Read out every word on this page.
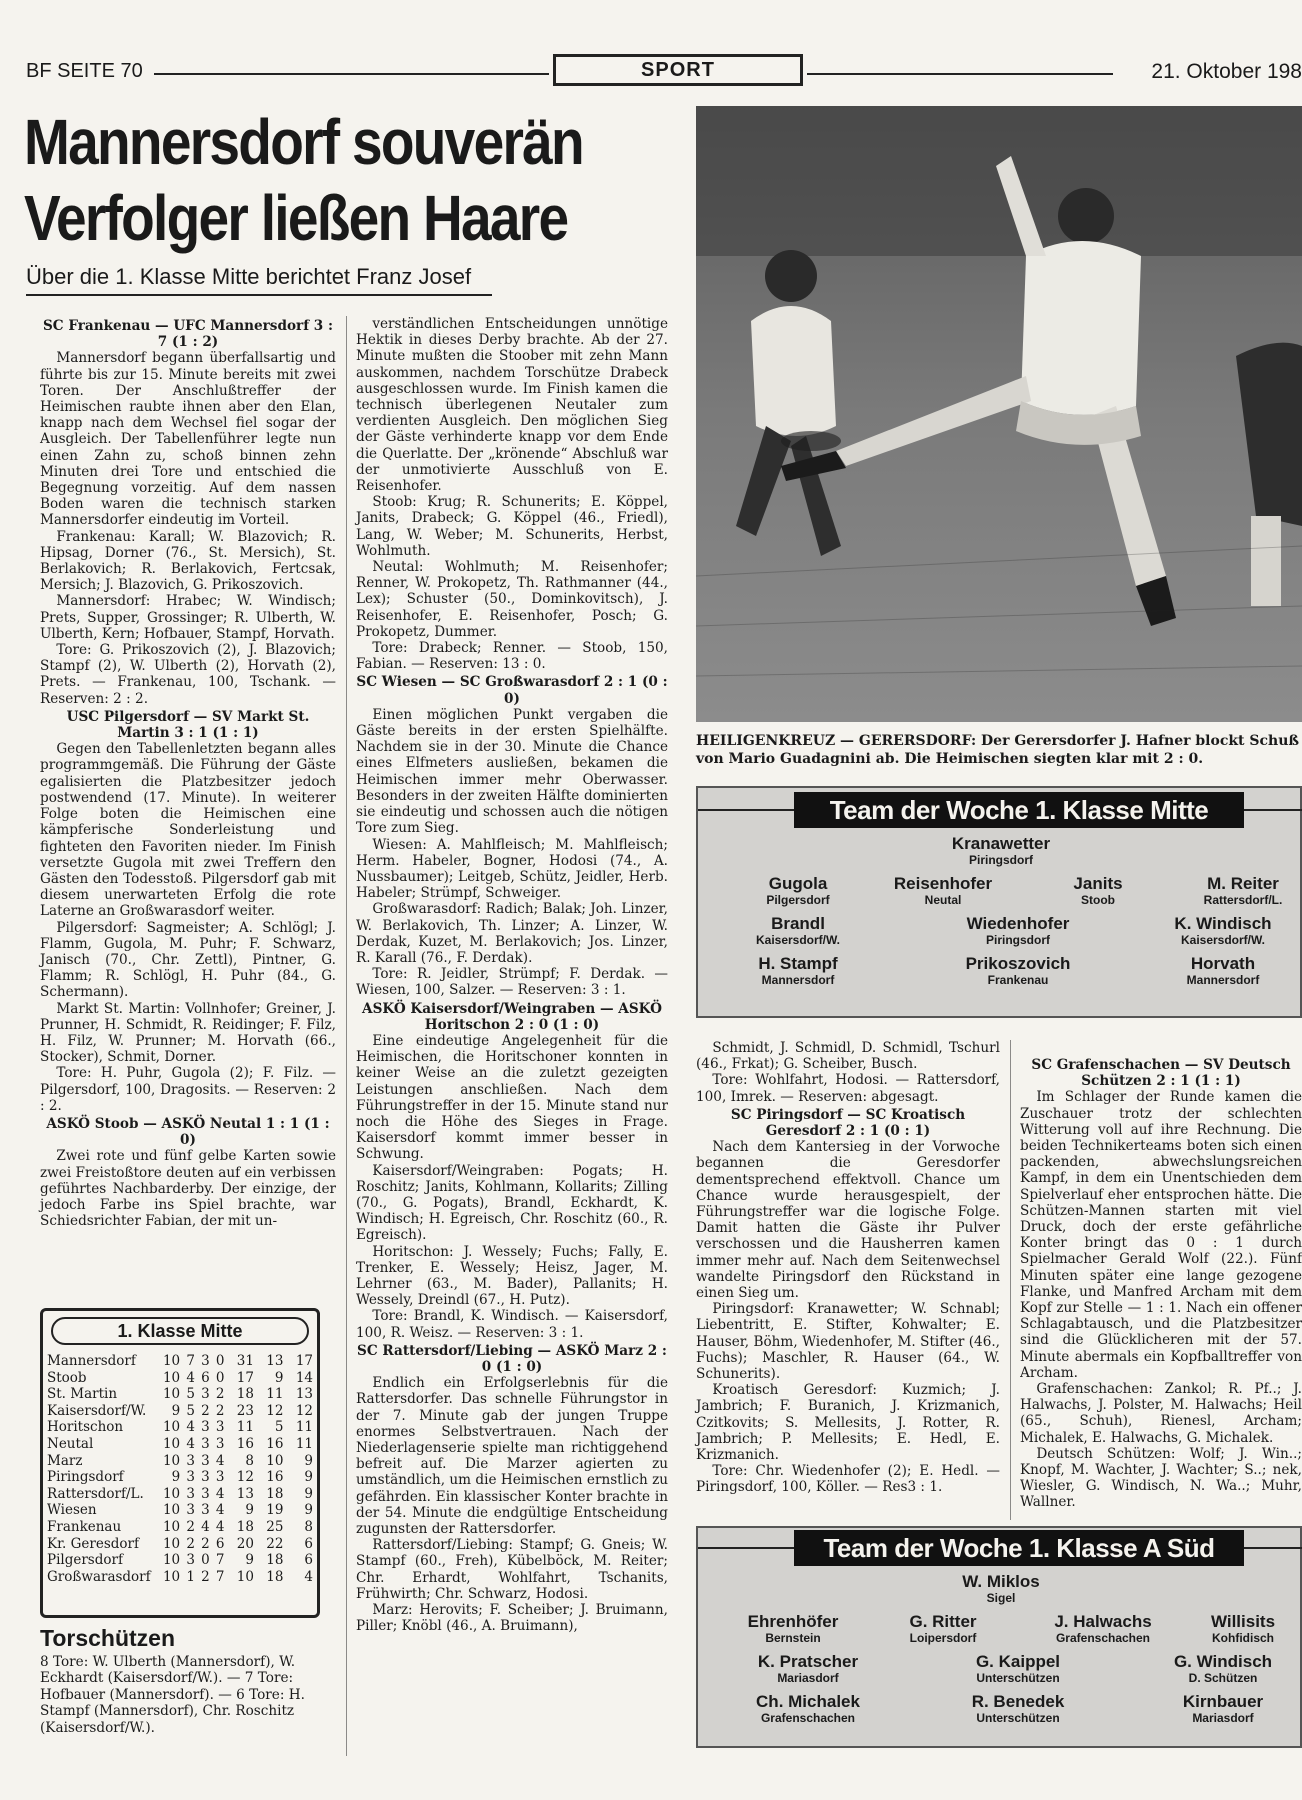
BF SEITE 70	SPORT	21. Oktober 198
Mannersdorf souverän
Verfolger ließen Haare
Über die 1. Klasse Mitte berichtet Franz Josef

SC Frankenau — UFC Mannersdorf 3 : 7 (1 : 2)

Mannersdorf begann überfallsartig und führte bis zur 15. Minute bereits mit zwei Toren. Der Anschlußtreffer der Heimischen raubte ihnen aber den Elan, knapp nach dem Wechsel fiel sogar der Ausgleich. Der Tabellenführer legte nun einen Zahn zu, schoß binnen zehn Minuten drei Tore und entschied die Begegnung vorzeitig. Auf dem nassen Boden waren die technisch starken Mannersdorfer eindeutig im Vorteil.

Frankenau: Karall; W. Blazovich; R. Hipsag, Dorner (76., St. Mersich), St. Berlakovich; R. Berlakovich, Fertcsak, Mersich; J. Blazovich, G. Prikoszovich.

Mannersdorf: Hrabec; W. Windisch; Prets, Supper, Grossinger; R. Ulberth, W. Ulberth, Kern; Hofbauer, Stampf, Horvath.

Tore: G. Prikoszovich (2), J. Blazovich; Stampf (2), W. Ulberth (2), Horvath (2), Prets. — Frankenau, 100, Tschank. — Reserven: 2 : 2.

USC Pilgersdorf — SV Markt St. Martin 3 : 1 (1 : 1)

Gegen den Tabellenletzten begann alles programmgemäß. Die Führung der Gäste egalisierten die Platzbesitzer jedoch postwendend (17. Minute). In weiterer Folge boten die Heimischen eine kämpferische Sonderleistung und fighteten den Favoriten nieder. Im Finish versetzte Gugola mit zwei Treffern den Gästen den Todesstoß. Pilgersdorf gab mit diesem unerwarteten Erfolg die rote Laterne an Großwarasdorf weiter.

Pilgersdorf: Sagmeister; A. Schlögl; J. Flamm, Gugola, M. Puhr; F. Schwarz, Janisch (70., Chr. Zettl), Pintner, G. Flamm; R. Schlögl, H. Puhr (84., G. Schermann).

Markt St. Martin: Vollnhofer; Greiner, J. Prunner, H. Schmidt, R. Reidinger; F. Filz, H. Filz, W. Prunner; M. Horvath (66., Stocker), Schmit, Dorner.

Tore: H. Puhr, Gugola (2); F. Filz. — Pilgersdorf, 100, Dragosits. — Reserven: 2 : 2.

ASKÖ Stoob — ASKÖ Neutal 1 : 1 (1 : 0)

Zwei rote und fünf gelbe Karten sowie zwei Freistoßtore deuten auf ein verbissen geführtes Nachbarderby. Der einzige, der jedoch Farbe ins Spiel brachte, war Schiedsrichter Fabian, der mit un-

verständlichen Entscheidungen unnötige Hektik in dieses Derby brachte. Ab der 27. Minute mußten die Stoober mit zehn Mann auskommen, nachdem Torschütze Drabeck ausgeschlossen wurde. Im Finish kamen die technisch überlegenen Neutaler zum verdienten Ausgleich. Den möglichen Sieg der Gäste verhinderte knapp vor dem Ende die Querlatte. Der „krönende“ Abschluß war der unmotivierte Ausschluß von E. Reisenhofer.

Stoob: Krug; R. Schunerits; E. Köppel, Janits, Drabeck; G. Köppel (46., Friedl), Lang, W. Weber; M. Schunerits, Herbst, Wohlmuth.

Neutal: Wohlmuth; M. Reisenhofer; Renner, W. Prokopetz, Th. Rathmanner (44., Lex); Schuster (50., Dominkovitsch), J. Reisenhofer, E. Reisenhofer, Posch; G. Prokopetz, Dummer.

Tore: Drabeck; Renner. — Stoob, 150, Fabian. — Reserven: 13 : 0.

SC Wiesen — SC Großwarasdorf 2 : 1 (0 : 0)

Einen möglichen Punkt vergaben die Gäste bereits in der ersten Spielhälfte. Nachdem sie in der 30. Minute die Chance eines Elfmeters ausließen, bekamen die Heimischen immer mehr Oberwasser. Besonders in der zweiten Hälfte dominierten sie eindeutig und schossen auch die nötigen Tore zum Sieg.

Wiesen: A. Mahlfleisch; M. Mahlfleisch; Herm. Habeler, Bogner, Hodosi (74., A. Nussbaumer); Leitgeb, Schütz, Jeidler, Herb. Habeler; Strümpf, Schweiger.

Großwarasdorf: Radich; Balak; Joh. Linzer, W. Berlakovich, Th. Linzer; A. Linzer, W. Derdak, Kuzet, M. Berlakovich; Jos. Linzer, R. Karall (76., F. Derdak).

Tore: R. Jeidler, Strümpf; F. Derdak. — Wiesen, 100, Salzer. — Reserven: 3 : 1.

ASKÖ Kaisersdorf/Weingraben — ASKÖ Horitschon 2 : 0 (1 : 0)

Eine eindeutige Angelegenheit für die Heimischen, die Horitschoner konnten in keiner Weise an die zuletzt gezeigten Leistungen anschließen. Nach dem Führungstreffer in der 15. Minute stand nur noch die Höhe des Sieges in Frage. Kaisersdorf kommt immer besser in Schwung.

Kaisersdorf/Weingraben: Pogats; H. Roschitz; Janits, Kohlmann, Kollarits; Zilling (70., G. Pogats), Brandl, Eckhardt, K. Windisch; H. Egreisch, Chr. Roschitz (60., R. Egreisch).

Horitschon: J. Wessely; Fuchs; Fally, E. Trenker, E. Wessely; Heisz, Jager, M. Lehrner (63., M. Bader), Pallanits; H. Wessely, Dreindl (67., H. Putz).

Tore: Brandl, K. Windisch. — Kaisersdorf, 100, R. Weisz. — Reserven: 3 : 1.

SC Rattersdorf/Liebing — ASKÖ Marz 2 : 0 (1 : 0)

Endlich ein Erfolgserlebnis für die Rattersdorfer. Das schnelle Führungstor in der 7. Minute gab der jungen Truppe enormes Selbstvertrauen. Nach der Niederlagenserie spielte man richtiggehend befreit auf. Die Marzer agierten zu umständlich, um die Heimischen ernstlich zu gefährden. Ein klassischer Konter brachte in der 54. Minute die endgültige Entscheidung zugunsten der Rattersdorfer.

Rattersdorf/Liebing: Stampf; G. Gneis; W. Stampf (60., Freh), Kübelböck, M. Reiter; Chr. Erhardt, Wohlfahrt, Tschanits, Frühwirth; Chr. Schwarz, Hodosi.

Marz: Herovits; F. Scheiber; J. Bruimann, Piller; Knöbl (46., A. Bruimann),

1. Klasse Mitte
Mannersdorf	10	7	3	0	31	13	17
Stoob	10	4	6	0	17	9	14
St. Martin	10	5	3	2	18	11	13
Kaisersdorf/W.	9	5	2	2	23	12	12
Horitschon	10	4	3	3	11	5	11
Neutal	10	4	3	3	16	16	11
Marz	10	3	3	4	8	10	9
Piringsdorf	9	3	3	3	12	16	9
Rattersdorf/L.	10	3	3	4	13	18	9
Wiesen	10	3	3	4	9	19	9
Frankenau	10	2	4	4	18	25	8
Kr. Geresdorf	10	2	2	6	20	22	6
Pilgersdorf	10	3	0	7	9	18	6
Großwarasdorf	10	1	2	7	10	18	4
Torschützen

8 Tore: W. Ulberth (Mannersdorf), W. Eckhardt (Kaisersdorf/W.). — 7 Tore: Hofbauer (Mannersdorf). — 6 Tore: H. Stampf (Mannersdorf), Chr. Roschitz (Kaisersdorf/W.).

HEILIGENKREUZ — GERERSDORF: Der Gerersdorfer J. Hafner blockt Schuß von Mario Guadagnini ab. Die Heimischen siegten klar mit 2 : 0.
Team der Woche 1. Klasse Mitte
Kranawetter
Piringsdorf
Gugola
Pilgersdorf
Reisenhofer
Neutal
Janits
Stoob
M. Reiter
Rattersdorf/L.
Brandl
Kaisersdorf/W.
Wiedenhofer
Piringsdorf
K. Windisch
Kaisersdorf/W.
H. Stampf
Mannersdorf
Prikoszovich
Frankenau
Horvath
Mannersdorf

Schmidt, J. Schmidl, D. Schmidl, Tschurl (46., Frkat); G. Scheiber, Busch.

Tore: Wohlfahrt, Hodosi. — Rattersdorf, 100, Imrek. — Reserven: abgesagt.

SC Piringsdorf — SC Kroatisch Geresdorf 2 : 1 (0 : 1)

Nach dem Kantersieg in der Vorwoche begannen die Geresdorfer dementsprechend effektvoll. Chance um Chance wurde herausgespielt, der Führungstreffer war die logische Folge. Damit hatten die Gäste ihr Pulver verschossen und die Hausherren kamen immer mehr auf. Nach dem Seitenwechsel wandelte Piringsdorf den Rückstand in einen Sieg um.

Piringsdorf: Kranawetter; W. Schnabl; Liebentritt, E. Stifter, Kohwalter; E. Hauser, Böhm, Wiedenhofer, M. Stifter (46., Fuchs); Maschler, R. Hauser (64., W. Schunerits).

Kroatisch Geresdorf: Kuzmich; J. Jambrich; F. Buranich, J. Krizmanich, Czitkovits; S. Mellesits, J. Rotter, R. Jambrich; P. Mellesits; E. Hedl, E. Krizmanich.

Tore: Chr. Wiedenhofer (2); E. Hedl. — Piringsdorf, 100, Köller. — Res3 : 1.

SC Grafenschachen — SV Deutsch Schützen 2 : 1 (1 : 1)

Im Schlager der Runde kamen die Zuschauer trotz der schlechten Witterung voll auf ihre Rechnung. Die beiden Technikerteams boten sich einen packenden, abwechslungsreichen Kampf, in dem ein Unentschieden dem Spielverlauf eher entsprochen hätte. Die Schützen-Mannen starten mit viel Druck, doch der erste gefährliche Konter bringt das 0 : 1 durch Spielmacher Gerald Wolf (22.). Fünf Minuten später eine lange gezogene Flanke, und Manfred Archam mit dem Kopf zur Stelle — 1 : 1. Nach ein offener Schlagabtausch, und die Platzbesitzer sind die Glücklicheren mit der 57. Minute abermals ein Kopfballtreffer von Archam.

Grafenschachen: Zankol; R. Pf..; J. Halwachs, J. Polster, M. Halwachs; Heil (65., Schuh), Rienesl, Archam; Michalek, E. Halwachs, G. Michalek.

Deutsch Schützen: Wolf; J. Win..; Knopf, M. Wachter, J. Wachter; S..; nek, Wiesler, G. Windisch, N. Wa..; Muhr, Wallner.

Team der Woche 1. Klasse A Süd
W. Miklos
Sigel
Ehrenhöfer
Bernstein
G. Ritter
Loipersdorf
J. Halwachs
Grafenschachen
Willisits
Kohfidisch
K. Pratscher
Mariasdorf
G. Kaippel
Unterschützen
G. Windisch
D. Schützen
Ch. Michalek
Grafenschachen
R. Benedek
Unterschützen
Kirnbauer
Mariasdorf
